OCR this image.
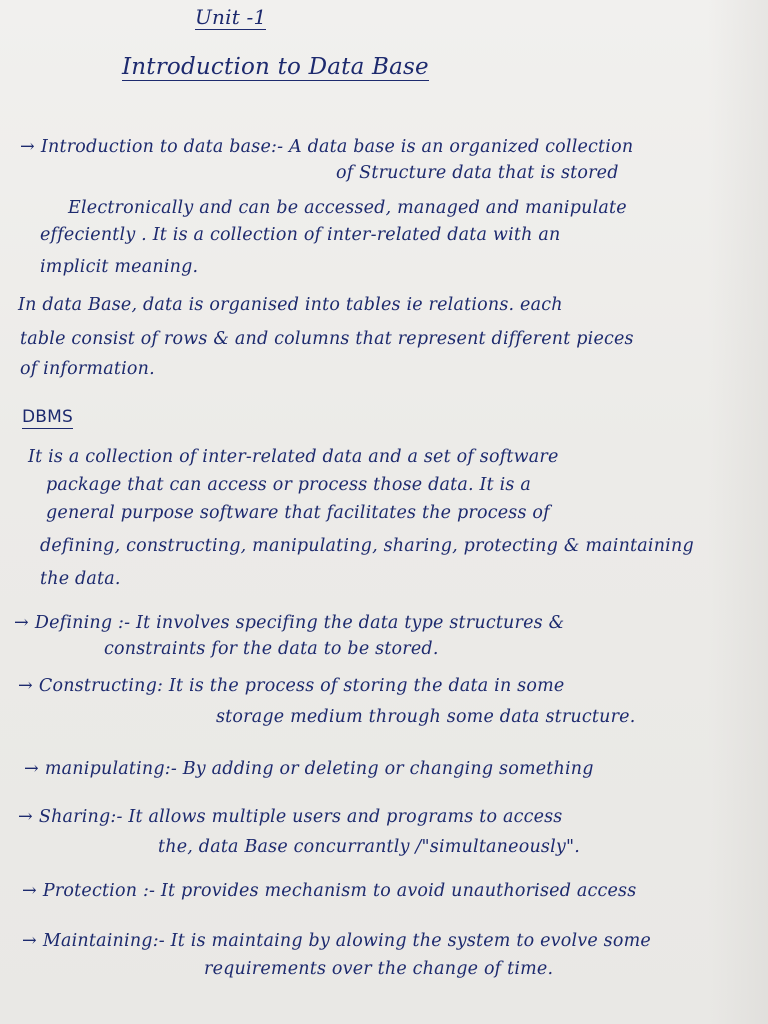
Unit -1
Introduction to Data Base
→ Introduction to data base:- A data base is an organized collection
of Structure data that is stored
Electronically and can be accessed, managed and manipulate
effeciently . It is a collection of inter-related data with an
implicit meaning.
In data Base, data is organised into tables ie relations. each
table consist of rows & and columns that represent different pieces
of information.
DBMS
It is a collection of inter-related data and a set of software
package that can access or process those data. It is a
general purpose software that facilitates the process of
defining, constructing, manipulating, sharing, protecting & maintaining
the data.
→ Defining :- It involves specifing the data type structures &
constraints for the data to be stored.
→ Constructing: It is the process of storing the data in some
storage medium through some data structure.
→ manipulating:- By adding or deleting or changing something
→ Sharing:- It allows multiple users and programs to access
the, data Base concurrantly /"simultaneously".
→ Protection :- It provides mechanism to avoid unauthorised access
→ Maintaining:- It is maintaing by alowing the system to evolve some
requirements over the change of time.
